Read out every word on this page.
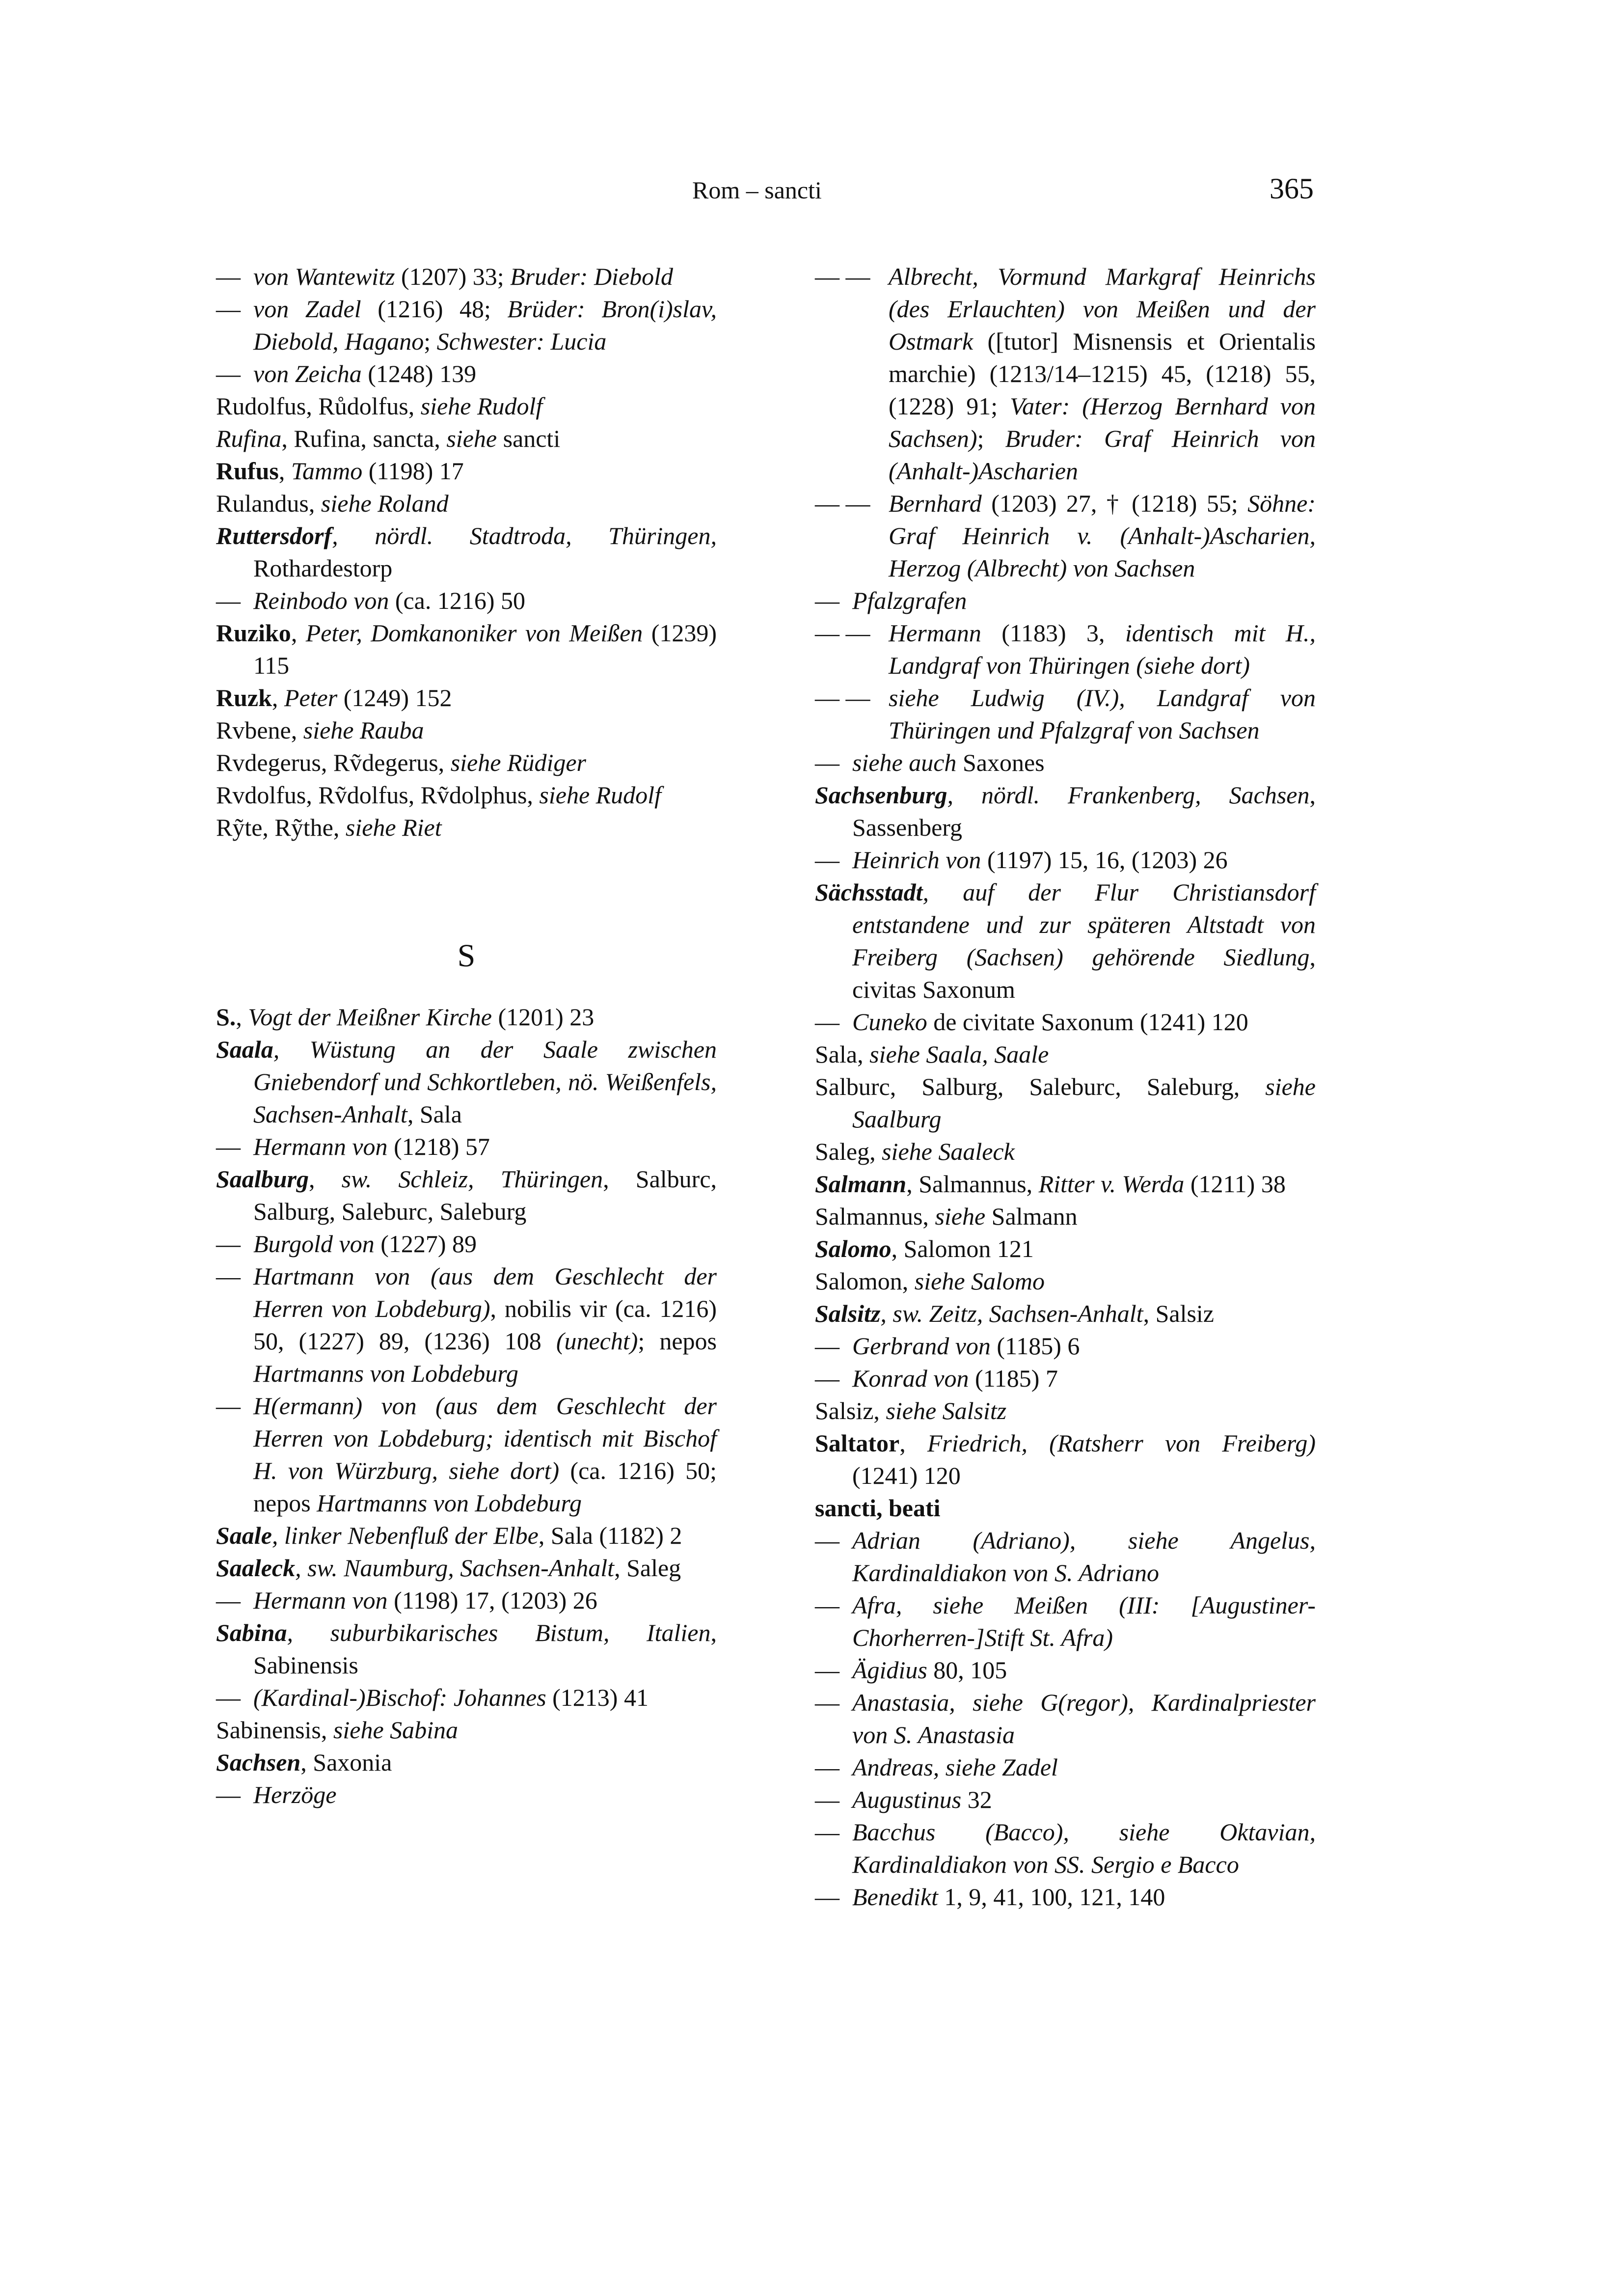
Rom – sancti	365

— von Wantewitz (1207) 33; Bruder: Diebold

— von Zadel (1216) 48; Brüder: Bron(i)slav, Diebold, Hagano; Schwester: Lucia

— von Zeicha (1248) 139

Rudolfus, Růdolfus, siehe Rudolf

Rufina, Rufina, sancta, siehe sancti

Rufus, Tammo (1198) 17

Rulandus, siehe Roland

Ruttersdorf, nördl. Stadtroda, Thüringen, Rothardestorp

— Reinbodo von (ca. 1216) 50

Ruziko, Peter, Domkanoniker von Meißen (1239) 115

Ruzk, Peter (1249) 152

Rvbene, siehe Rauba

Rvdegerus, Rṽdegerus, siehe Rüdiger

Rvdolfus, Rṽdolfus, Rṽdolphus, siehe Rudolf

Rỹte, Rỹthe, siehe Riet

S

S., Vogt der Meißner Kirche (1201) 23

Saala, Wüstung an der Saale zwischen Gniebendorf und Schkortleben, nö. Weißenfels, Sachsen-Anhalt, Sala

— Hermann von (1218) 57

Saalburg, sw. Schleiz, Thüringen, Salburc, Salburg, Saleburc, Saleburg

— Burgold von (1227) 89

— Hartmann von (aus dem Geschlecht der Herren von Lobdeburg), nobilis vir (ca. 1216) 50, (1227) 89, (1236) 108 (unecht); nepos Hartmanns von Lobdeburg

— H(ermann) von (aus dem Geschlecht der Herren von Lobdeburg; identisch mit Bischof H. von Würzburg, siehe dort) (ca. 1216) 50; nepos Hartmanns von Lobdeburg

Saale, linker Nebenfluß der Elbe, Sala (1182) 2

Saaleck, sw. Naumburg, Sachsen-Anhalt, Saleg

— Hermann von (1198) 17, (1203) 26

Sabina, suburbikarisches Bistum, Italien, Sabinensis

— (Kardinal-)Bischof: Johannes (1213) 41

Sabinensis, siehe Sabina

Sachsen, Saxonia

— Herzöge

— — Albrecht, Vormund Markgraf Heinrichs (des Erlauchten) von Meißen und der Ostmark ([tutor] Misnensis et Orientalis marchie) (1213/14–1215) 45, (1218) 55, (1228) 91; Vater: (Herzog Bernhard von Sachsen); Bruder: Graf Heinrich von (Anhalt-)Ascharien

— — Bernhard (1203) 27, † (1218) 55; Söhne: Graf Heinrich v. (Anhalt-)Ascharien, Herzog (Albrecht) von Sachsen

— Pfalzgrafen

— — Hermann (1183) 3, identisch mit H., Landgraf von Thüringen (siehe dort)

— — siehe Ludwig (IV.), Landgraf von Thüringen und Pfalzgraf von Sachsen

— siehe auch Saxones

Sachsenburg, nördl. Frankenberg, Sachsen, Sassenberg

— Heinrich von (1197) 15, 16, (1203) 26

Sächsstadt, auf der Flur Christiansdorf entstandene und zur späteren Altstadt von Freiberg (Sachsen) gehörende Siedlung, civitas Saxonum

— Cuneko de civitate Saxonum (1241) 120

Sala, siehe Saala, Saale

Salburc, Salburg, Saleburc, Saleburg, siehe Saalburg

Saleg, siehe Saaleck

Salmann, Salmannus, Ritter v. Werda (1211) 38

Salmannus, siehe Salmann

Salomo, Salomon 121

Salomon, siehe Salomo

Salsitz, sw. Zeitz, Sachsen-Anhalt, Salsiz

— Gerbrand von (1185) 6

— Konrad von (1185) 7

Salsiz, siehe Salsitz

Saltator, Friedrich, (Ratsherr von Freiberg) (1241) 120

sancti, beati

— Adrian (Adriano), siehe Angelus, Kardinaldiakon von S. Adriano

— Afra, siehe Meißen (III: [Augustiner-Chorherren-]Stift St. Afra)

— Ägidius 80, 105

— Anastasia, siehe G(regor), Kardinalpriester von S. Anastasia

— Andreas, siehe Zadel

— Augustinus 32

— Bacchus (Bacco), siehe Oktavian, Kardinaldiakon von SS. Sergio e Bacco

— Benedikt 1, 9, 41, 100, 121, 140
